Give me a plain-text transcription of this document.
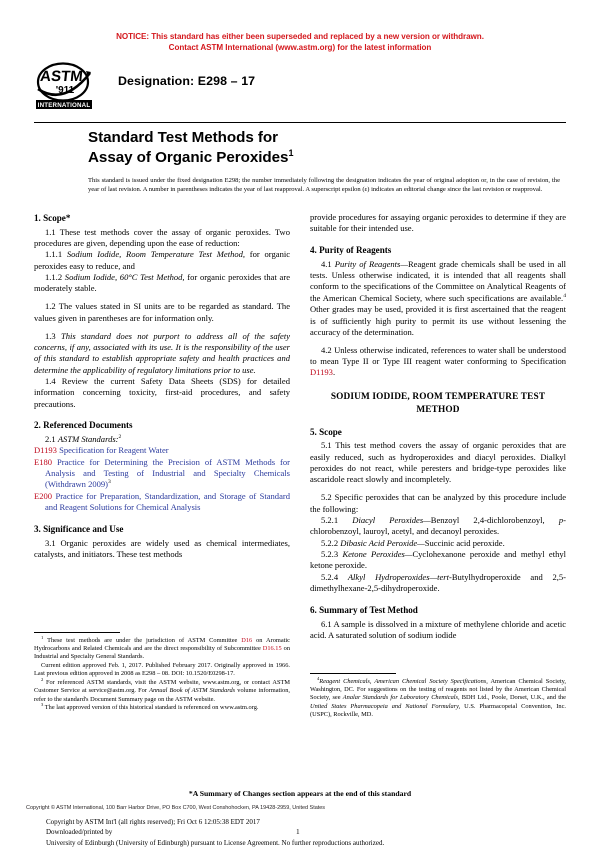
NOTICE: This standard has either been superseded and replaced by a new version or withdrawn.
Contact ASTM International (www.astm.org) for the latest information
ASTM
'911
INTERNATIONAL
Designation: E298 – 17
Standard Test Methods for
Assay of Organic Peroxides$^1$
This standard is issued under the fixed designation E298; the number immediately following the designation indicates the year of original adoption or, in the case of revision, the year of last revision. A number in parentheses indicates the year of last reapproval. A superscript epsilon (ε) indicates an editorial change since the last revision or reapproval.
1. Scope*

1.1 These test methods cover the assay of organic peroxides. Two procedures are given, depending upon the ease of reduction:

1.1.1 Sodium Iodide, Room Temperature Test Method, for organic peroxides easy to reduce, and

1.1.2 Sodium Iodide, 60°C Test Method, for organic peroxides that are moderately stable.

1.2 The values stated in SI units are to be regarded as standard. The values given in parentheses are for information only.

1.3 This standard does not purport to address all of the safety concerns, if any, associated with its use. It is the responsibility of the user of this standard to establish appropriate safety and health practices and determine the applicability of regulatory limitations prior to use.

1.4 Review the current Safety Data Sheets (SDS) for detailed information concerning toxicity, first-aid procedures, and safety precautions.

2. Referenced Documents

2.1 ASTM Standards:$^2$

D1193 Specification for Reagent Water

E180 Practice for Determining the Precision of ASTM Methods for Analysis and Testing of Industrial and Specialty Chemicals (Withdrawn 2009)$^3$

E200 Practice for Preparation, Standardization, and Storage of Standard and Reagent Solutions for Chemical Analysis

3. Significance and Use

3.1 Organic peroxides are widely used as chemical intermediates, catalysts, and initiators. These test methods

provide procedures for assaying organic peroxides to determine if they are suitable for their intended use.

4. Purity of Reagents

4.1 Purity of Reagents—Reagent grade chemicals shall be used in all tests. Unless otherwise indicated, it is intended that all reagents shall conform to the specifications of the Committee on Analytical Reagents of the American Chemical Society, where such specifications are available.$^4$ Other grades may be used, provided it is first ascertained that the reagent is of sufficiently high purity to permit its use without lessening the accuracy of the determination.

4.2 Unless otherwise indicated, references to water shall be understood to mean Type II or Type III reagent water conforming to Specification D1193.

SODIUM IODIDE, ROOM TEMPERATURE TEST
METHOD
5. Scope

5.1 This test method covers the assay of organic peroxides that are easily reduced, such as hydroperoxides and diacyl peroxides. Dialkyl peroxides do not react, while peresters and bridge-type peroxides like ascaridole react slowly and incompletely.

5.2 Specific peroxides that can be analyzed by this procedure include the following:

5.2.1 Diacyl Peroxides—Benzoyl 2,4-dichlorobenzoyl, p-chlorobenzoyl, lauroyl, acetyl, and decanoyl peroxides.

5.2.2 Dibasic Acid Peroxide—Succinic acid peroxide.

5.2.3 Ketone Peroxides—Cyclohexanone peroxide and methyl ethyl ketone peroxide.

5.2.4 Alkyl Hydroperoxides—tert-Butylhydroperoxide and 2,5-dimethylhexane-2,5-dihydroperoxide.

6. Summary of Test Method

6.1 A sample is dissolved in a mixture of methylene chloride and acetic acid. A saturated solution of sodium iodide

$^1$ These test methods are under the jurisdiction of ASTM Committee D16 on Aromatic Hydrocarbons and Related Chemicals and are the direct responsibility of Subcommittee D16.15 on Industrial and Specialty General Standards.

Current edition approved Feb. 1, 2017. Published February 2017. Originally approved in 1966. Last previous edition approved in 2008 as E298 – 08. DOI: 10.1520/E0298-17.

$^2$ For referenced ASTM standards, visit the ASTM website, www.astm.org, or contact ASTM Customer Service at service@astm.org. For Annual Book of ASTM Standards volume information, refer to the standard's Document Summary page on the ASTM website.

$^3$ The last approved version of this historical standard is referenced on www.astm.org.

$^4$Reagent Chemicals, American Chemical Society Specifications, American Chemical Society, Washington, DC. For suggestions on the testing of reagents not listed by the American Chemical Society, see Analar Standards for Laboratory Chemicals, BDH Ltd., Poole, Dorset, U.K., and the United States Pharmacopeia and National Formulary, U.S. Pharmacopeial Convention, Inc. (USPC), Rockville, MD.

*A Summary of Changes section appears at the end of this standard
Copyright © ASTM International, 100 Barr Harbor Drive, PO Box C700, West Conshohocken, PA 19428-2959, United States
Copyright by ASTM Int'l (all rights reserved); Fri Oct 6 12:05:38 EDT 2017
Downloaded/printed by
University of Edinburgh (University of Edinburgh) pursuant to License Agreement. No further reproductions authorized.
1
